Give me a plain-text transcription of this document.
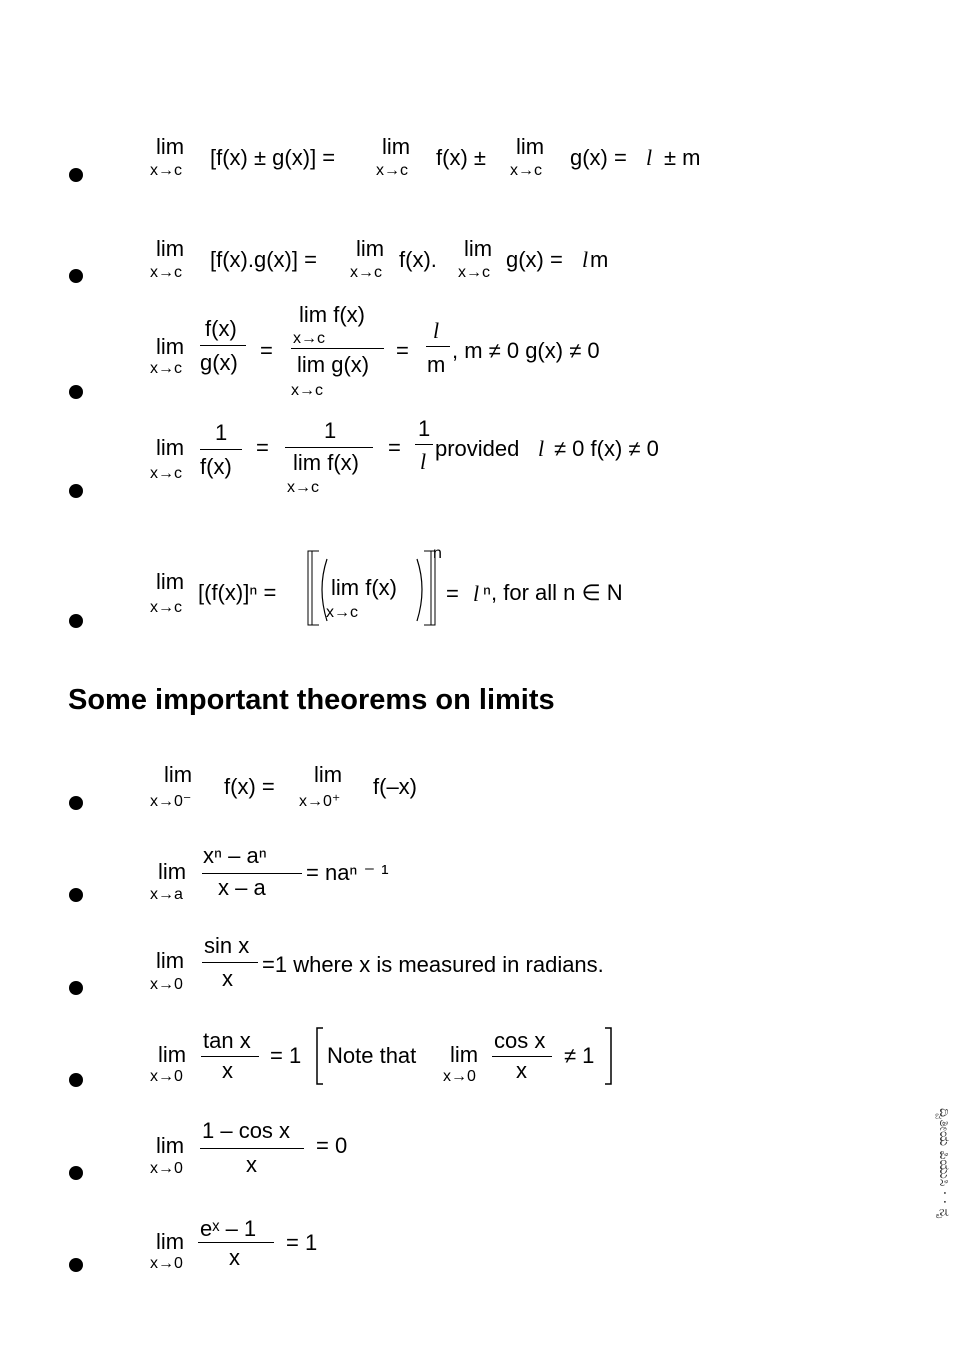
lim
x→c
[f(x) ± g(x)] = lim
x→c
f(x) ± lim
x→c
g(x) = l ± m
lim
x→c
[f(x).g(x)] = lim
x→c
f(x). lim
x→c
g(x) = l m
lim
x→c
f(x)
g(x) =
lim f(x)
x→c
lim g(x)
x→c
=
l
m
, m ≠ 0 g(x) ≠ 0
lim
x→c
1
f(x)
=
1
lim f(x)
x→c
=
1
l
provided l ≠ 0 f(x) ≠ 0
lim
x→c
[(f(x)]ⁿ = lim f(x)
x→c
n
= l ⁿ, for all n ∈ N
Some important theorems on limits
lim
x→0⁻
f(x) = lim
x→0⁺
f(–x)
lim
x→a
xⁿ – aⁿ
x – a
= naⁿ ⁻ ¹
lim
x→0
sin x
x
=1 where x is measured in radians.
lim
x→0
tan x
x
= 1 Note that lim
x→0
cos x
x
≠ 1
lim
x→0
1 – cos x
x
= 0
lim
x→0
eˣ – 1
x
= 1
ದ್ವಿತೀಯ ಪಿಯುಸಿ · · ನೃ
